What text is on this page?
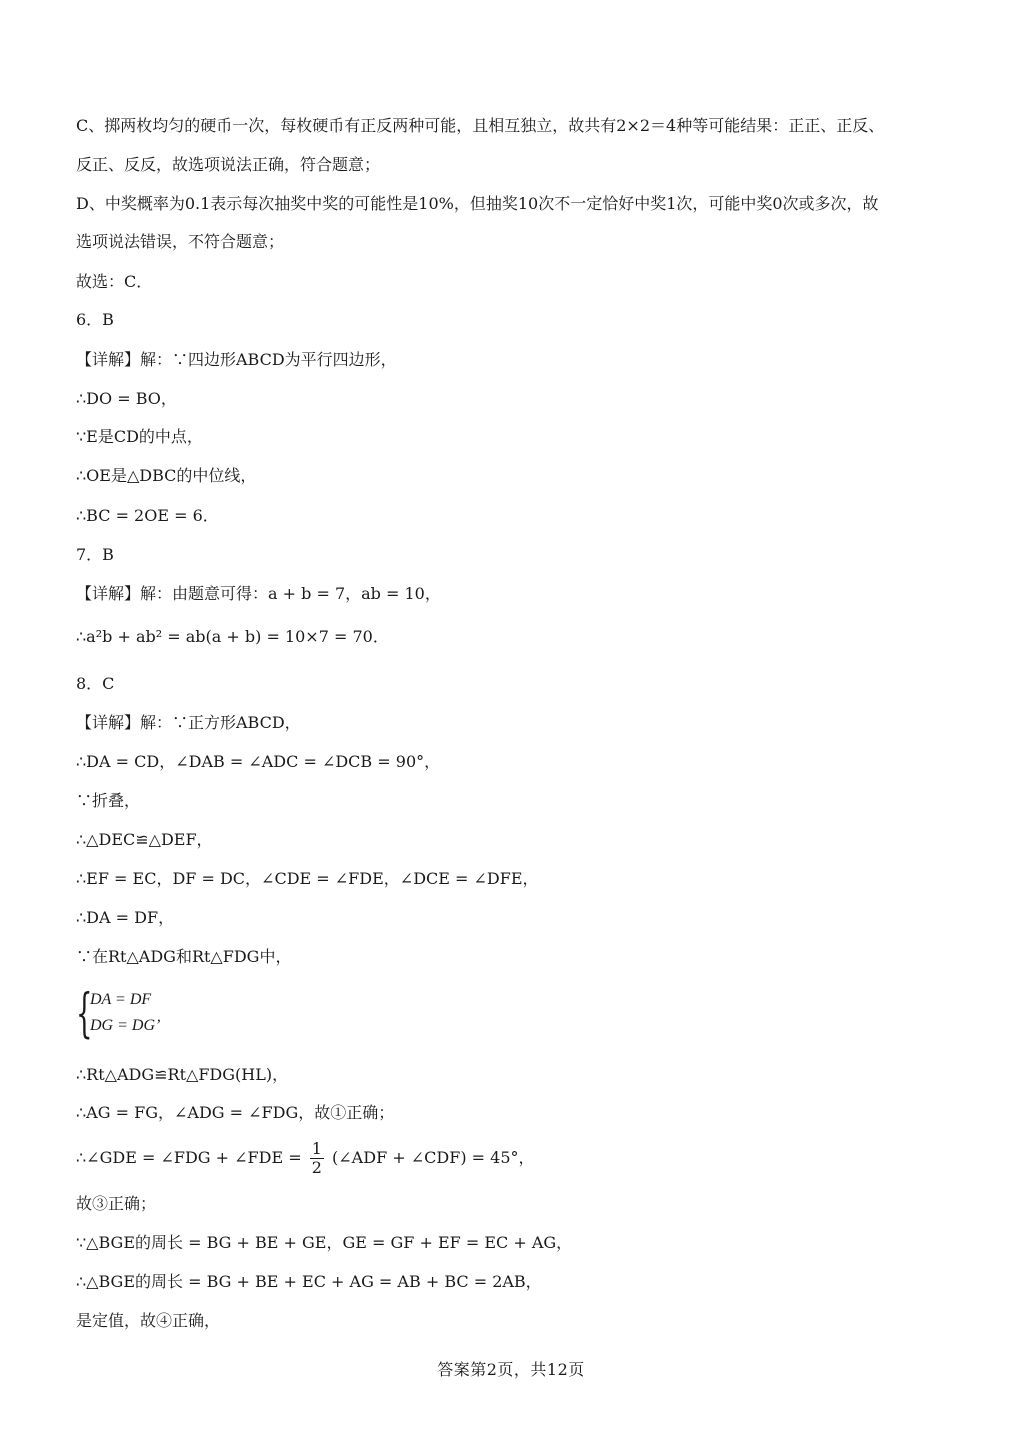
C、掷两枚均匀的硬币一次，每枚硬币有正反两种可能，且相互独立，故共有2×2＝4种等可能结果：正正、正反、
反正、反反，故选项说法正确，符合题意；
D、中奖概率为0.1表示每次抽奖中奖的可能性是10%，但抽奖10次不一定恰好中奖1次，可能中奖0次或多次，故
选项说法错误，不符合题意；
故选：C．
6．B
【详解】解：∵四边形ABCD为平行四边形，
∴DO = BO，
∵E是CD的中点，
∴OE是△DBC的中位线，
∴BC = 2OE = 6．
7．B
【详解】解：由题意可得：a + b = 7，ab = 10，
∴a²b + ab² = ab(a + b) = 10×7 = 70．
8．C
【详解】解：∵正方形ABCD，
∴DA = CD，∠DAB = ∠ADC = ∠DCB = 90°，
∵折叠，
∴△DEC≌△DEF，
∴EF = EC，DF = DC，∠CDE = ∠FDE，∠DCE = ∠DFE，
∴DA = DF，
∵在Rt△ADG和Rt△FDG中，
{
DA = DF
DG = DG’
∴Rt△ADG≌Rt△FDG(HL)，
∴AG = FG，∠ADG = ∠FDG，故①正确；
∴∠GDE = ∠FDG + ∠FDE = $\frac{1}{2}$ (∠ADF + ∠CDF) = 45°，
故③正确；
∵△BGE的周长 = BG + BE + GE，GE = GF + EF = EC + AG，
∴△BGE的周长 = BG + BE + EC + AG = AB + BC = 2AB，
是定值，故④正确，
答案第2页，共12页
